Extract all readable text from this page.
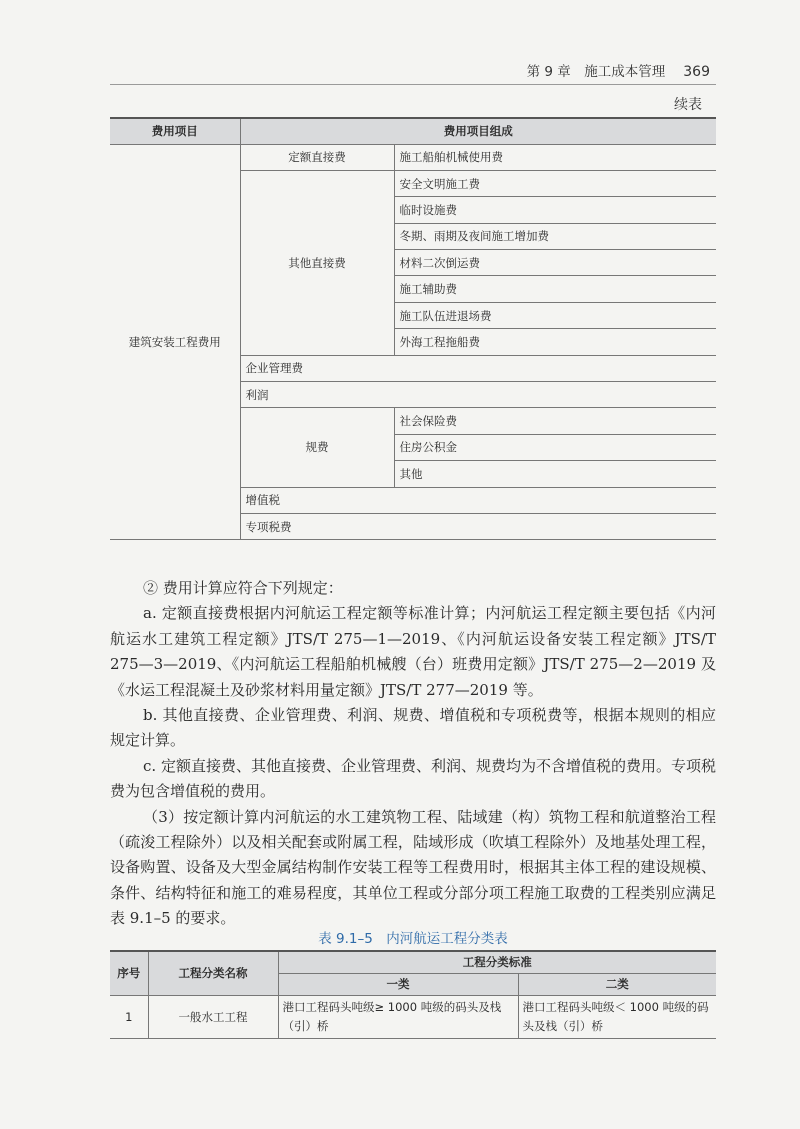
第 9 章　 施工成本管理 369
续表
费用项目	费用项目组成	
建筑安装工程费用	定额直接费	施工船舶机械使用费
	其他直接费	安全文明施工费
		临时设施费
		冬期、雨期及夜间施工增加费
		材料二次倒运费
		施工辅助费
		施工队伍进退场费
		外海工程拖船费
	企业管理费	
	利润	
	规费	社会保险费
		住房公积金
		其他
	增值税	
	专项税费	

② 费用计算应符合下列规定：

a. 定额直接费根据内河航运工程定额等标准计算；内河航运工程定额主要包括《内河航运水工建筑工程定额》JTS/T 275—1—2019、《内河航运设备安装工程定额》JTS/T 275—3—2019、《内河航运工程船舶机械艘（台）班费用定额》JTS/T 275—2—2019 及《水运工程混凝土及砂浆材料用量定额》JTS/T 277—2019 等。

b. 其他直接费、企业管理费、利润、规费、增值税和专项税费等，根据本规则的相应规定计算。

c. 定额直接费、其他直接费、企业管理费、利润、规费均为不含增值税的费用。专项税费为包含增值税的费用。

（3）按定额计算内河航运的水工建筑物工程、陆域建（构）筑物工程和航道整治工程（疏浚工程除外）以及相关配套或附属工程，陆域形成（吹填工程除外）及地基处理工程，设备购置、设备及大型金属结构制作安装工程等工程费用时，根据其主体工程的建设规模、条件、结构特征和施工的难易程度，其单位工程或分部分项工程施工取费的工程类别应满足表 9.1–5 的要求。

表 9.1–5　内河航运工程分类表
序号	工程分类名称	工程分类标准	
		一类	二类
1	一般水工工程	港口工程码头吨级≥ 1000 吨级的码头及栈（引）桥	港口工程码头吨级＜ 1000 吨级的码头及栈（引）桥
